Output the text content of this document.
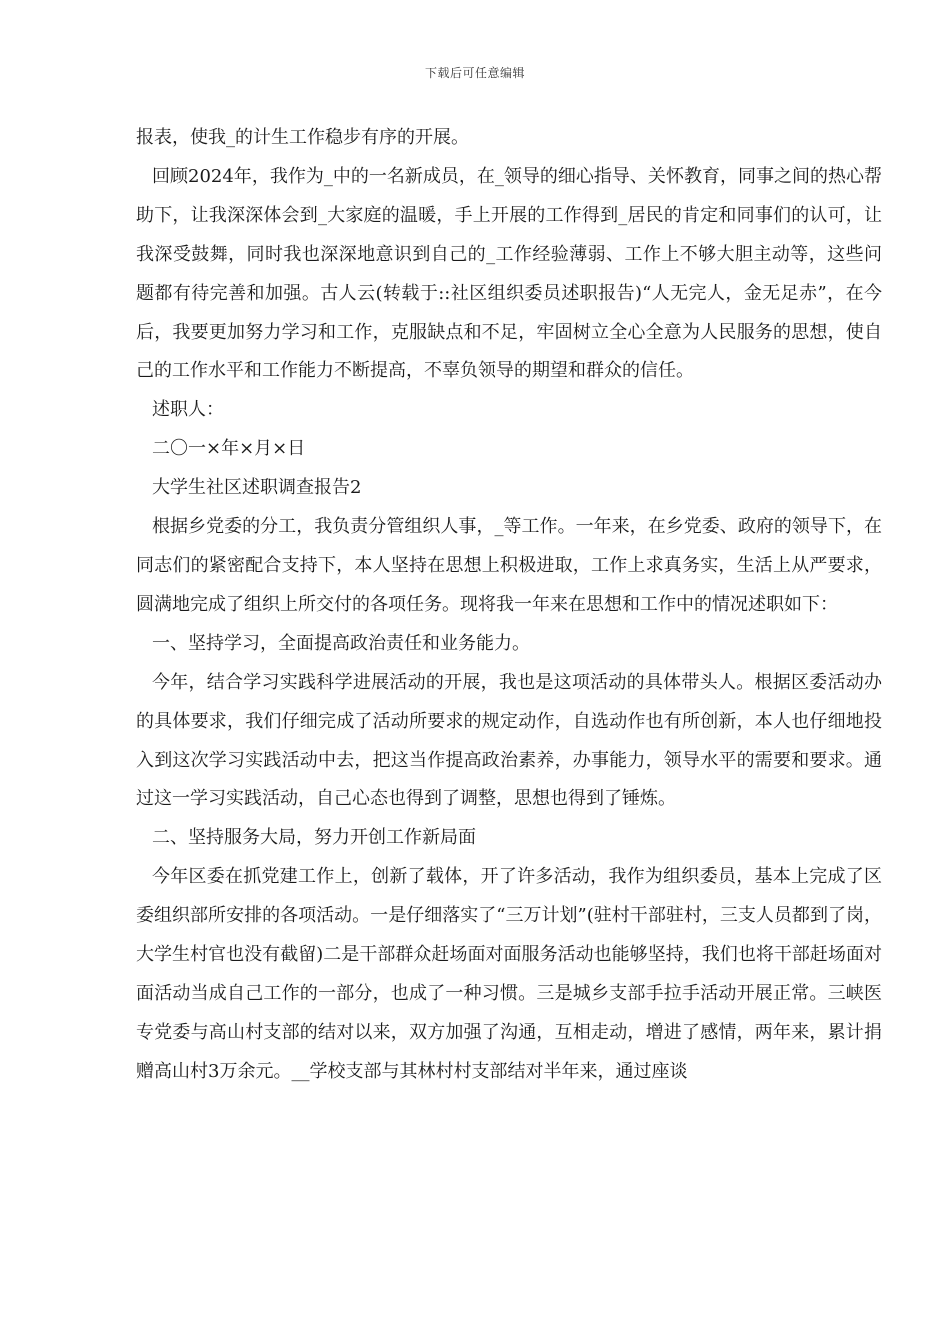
下载后可任意编辑

报表，使我_的计生工作稳步有序的开展。

回顾2024年，我作为_中的一名新成员，在_领导的细心指导、关怀教育，同事之间的热心帮助下，让我深深体会到_大家庭的温暖，手上开展的工作得到_居民的肯定和同事们的认可，让我深受鼓舞，同时我也深深地意识到自己的_工作经验薄弱、工作上不够大胆主动等，这些问题都有待完善和加强。古人云(转载于::社区组织委员述职报告)“人无完人，金无足赤”，在今后，我要更加努力学习和工作，克服缺点和不足，牢固树立全心全意为人民服务的思想，使自己的工作水平和工作能力不断提高，不辜负领导的期望和群众的信任。

述职人：

二〇一×年×月×日

大学生社区述职调查报告2

根据乡党委的分工，我负责分管组织人事，_等工作。一年来，在乡党委、政府的领导下，在同志们的紧密配合支持下，本人坚持在思想上积极进取，工作上求真务实，生活上从严要求，圆满地完成了组织上所交付的各项任务。现将我一年来在思想和工作中的情况述职如下：

一、坚持学习，全面提高政治责任和业务能力。

今年，结合学习实践科学进展活动的开展，我也是这项活动的具体带头人。根据区委活动办的具体要求，我们仔细完成了活动所要求的规定动作，自选动作也有所创新，本人也仔细地投入到这次学习实践活动中去，把这当作提高政治素养，办事能力，领导水平的需要和要求。通过这一学习实践活动，自己心态也得到了调整，思想也得到了锤炼。

二、坚持服务大局，努力开创工作新局面

今年区委在抓党建工作上，创新了载体，开了许多活动，我作为组织委员，基本上完成了区委组织部所安排的各项活动。一是仔细落实了“三万计划”(驻村干部驻村，三支人员都到了岗，大学生村官也没有截留)二是干部群众赶场面对面服务活动也能够坚持，我们也将干部赶场面对面活动当成自己工作的一部分，也成了一种习惯。三是城乡支部手拉手活动开展正常。三峡医专党委与高山村支部的结对以来，双方加强了沟通，互相走动，增进了感情，两年来，累计捐赠高山村3万余元。__学校支部与其林村村支部结对半年来，通过座谈
